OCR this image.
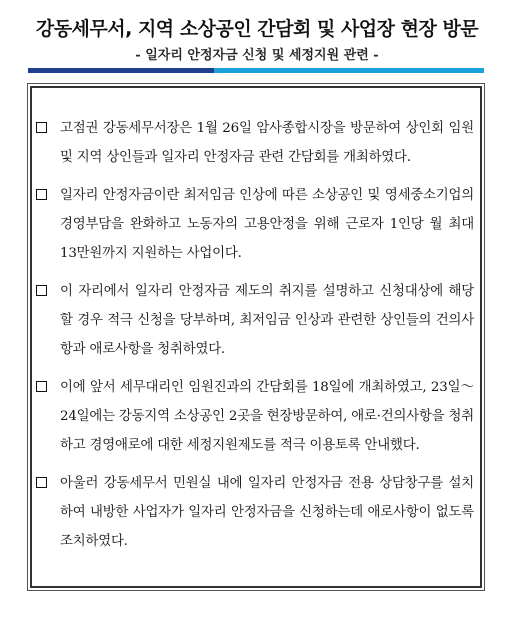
강동세무서, 지역 소상공인 간담회 및 사업장 현장 방문
- 일자리 안정자금 신청 및 세정지원 관련 -
고점권 강동세무서장은 1월 26일 암사종합시장을 방문하여 상인회 임원 및 지역 상인들과 일자리 안정자금 관련 간담회를 개최하였다.
일자리 안정자금이란 최저임금 인상에 따른 소상공인 및 영세중소기업의 경영부담을 완화하고 노동자의 고용안정을 위해 근로자 1인당 월 최대 13만원까지 지원하는 사업이다.
이 자리에서 일자리 안정자금 제도의 취지를 설명하고 신청대상에 해당할 경우 적극 신청을 당부하며, 최저임금 인상과 관련한 상인들의 건의사항과 애로사항을 청취하였다.
이에 앞서 세무대리인 임원진과의 간담회를 18일에 개최하였고, 23일～24일에는 강동지역 소상공인 2곳을 현장방문하여, 애로·건의사항을 청취하고 경영애로에 대한 세정지원제도를 적극 이용토록 안내했다.
아울러 강동세무서 민원실 내에 일자리 안정자금 전용 상담창구를 설치하여 내방한 사업자가 일자리 안정자금을 신청하는데 애로사항이 없도록 조치하였다.
